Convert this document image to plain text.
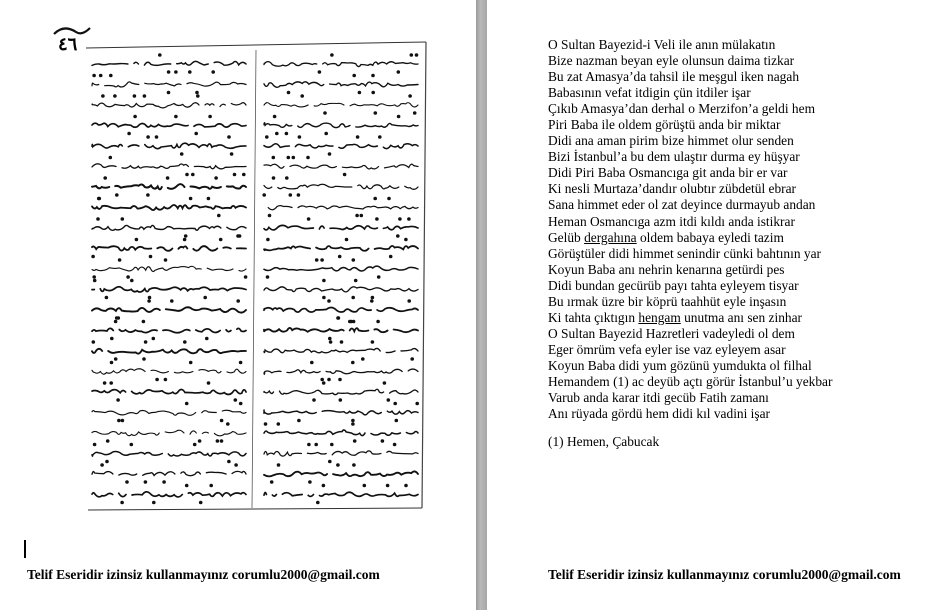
٤٦
Telif Eseridir izinsiz kullanmayınız corumlu2000@gmail.com
O Sultan Bayezid-i Veli ile anın mülakatın
Bize nazman beyan eyle olunsun daima tizkar
Bu zat Amasya’da tahsil ile meşgul iken nagah
Babasının vefat itdigin çün itdiler işar
Çıkıb Amasya’dan derhal o Merzifon’a geldi hem
Piri Baba ile oldem görüştü anda bir miktar
Didi ana aman pirim bize himmet olur senden
Bizi İstanbul’a bu dem ulaştır durma ey hüşyar
Didi Piri Baba Osmancıga git anda bir er var
Ki nesli Murtaza’dandır olubtır zübdetül ebrar
Sana himmet eder ol zat deyince durmayub andan
Heman Osmancıga azm itdi kıldı anda istikrar
Gelüb dergahına oldem babaya eyledi tazim
Görüştüler didi himmet senindir cünki bahtının yar
Koyun Baba anı nehrin kenarına getürdi pes
Didi bundan gecürüb payı tahta eyleyem tisyar
Bu ırmak üzre bir köprü taahhüt eyle inşasın
Ki tahta çıktıgın hengam unutma anı sen zinhar
O Sultan Bayezid Hazretleri vadeyledi ol dem
Eger ömrüm vefa eyler ise vaz eyleyem asar
Koyun Baba didi yum gözünü yumdukta ol filhal
Hemandem (1) ac deyüb açtı görür İstanbul’u yekbar
Varub anda karar itdi gecüb Fatih zamanı
Anı rüyada gördü hem didi kıl vadini işar
(1) Hemen, Çabucak
Telif Eseridir izinsiz kullanmayınız corumlu2000@gmail.com
